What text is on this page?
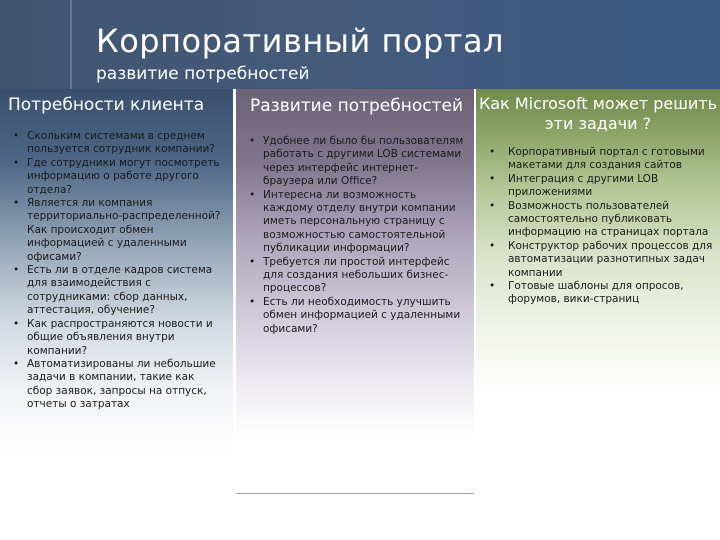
Корпоративный портал
развитие потребностей
Потребности клиента
• Скольким системами в среднем пользуется сотрудник компании?
• Где сотрудники могут посмотреть информацию о работе другого отдела?
• Является ли компания территориально-распределенной? Как происходит обмен информацией с удаленными офисами?
• Есть ли в отделе кадров система для взаимодействия с сотрудниками: сбор данных, аттестация, обучение?
• Как распространяются новости и общие объявления внутри компании?
• Автоматизированы ли небольшие задачи в компании, такие как сбор заявок, запросы на отпуск, отчеты о затратах
Развитие потребностей
• Удобнее ли было бы пользователям работать с другими LOB системами через интерфейс интернет-браузера или Office?
• Интересна ли возможность каждому отделу внутри компании иметь персональную страницу с возможностью самостоятельной публикации информации?
• Требуется ли простой интерфейс для создания небольших бизнес-процессов?
• Есть ли необходимость улучшить обмен информацией с удаленными офисами?
Как Microsoft может решить эти задачи ?
• Корпоративный портал с готовыми макетами для создания сайтов
• Интеграция с другими LOB приложениями
• Возможность пользователей самостоятельно публиковать информацию на страницах портала
• Конструктор рабочих процессов для автоматизации разнотипных задач компании
• Готовые шаблоны для опросов, форумов, вики-страниц
